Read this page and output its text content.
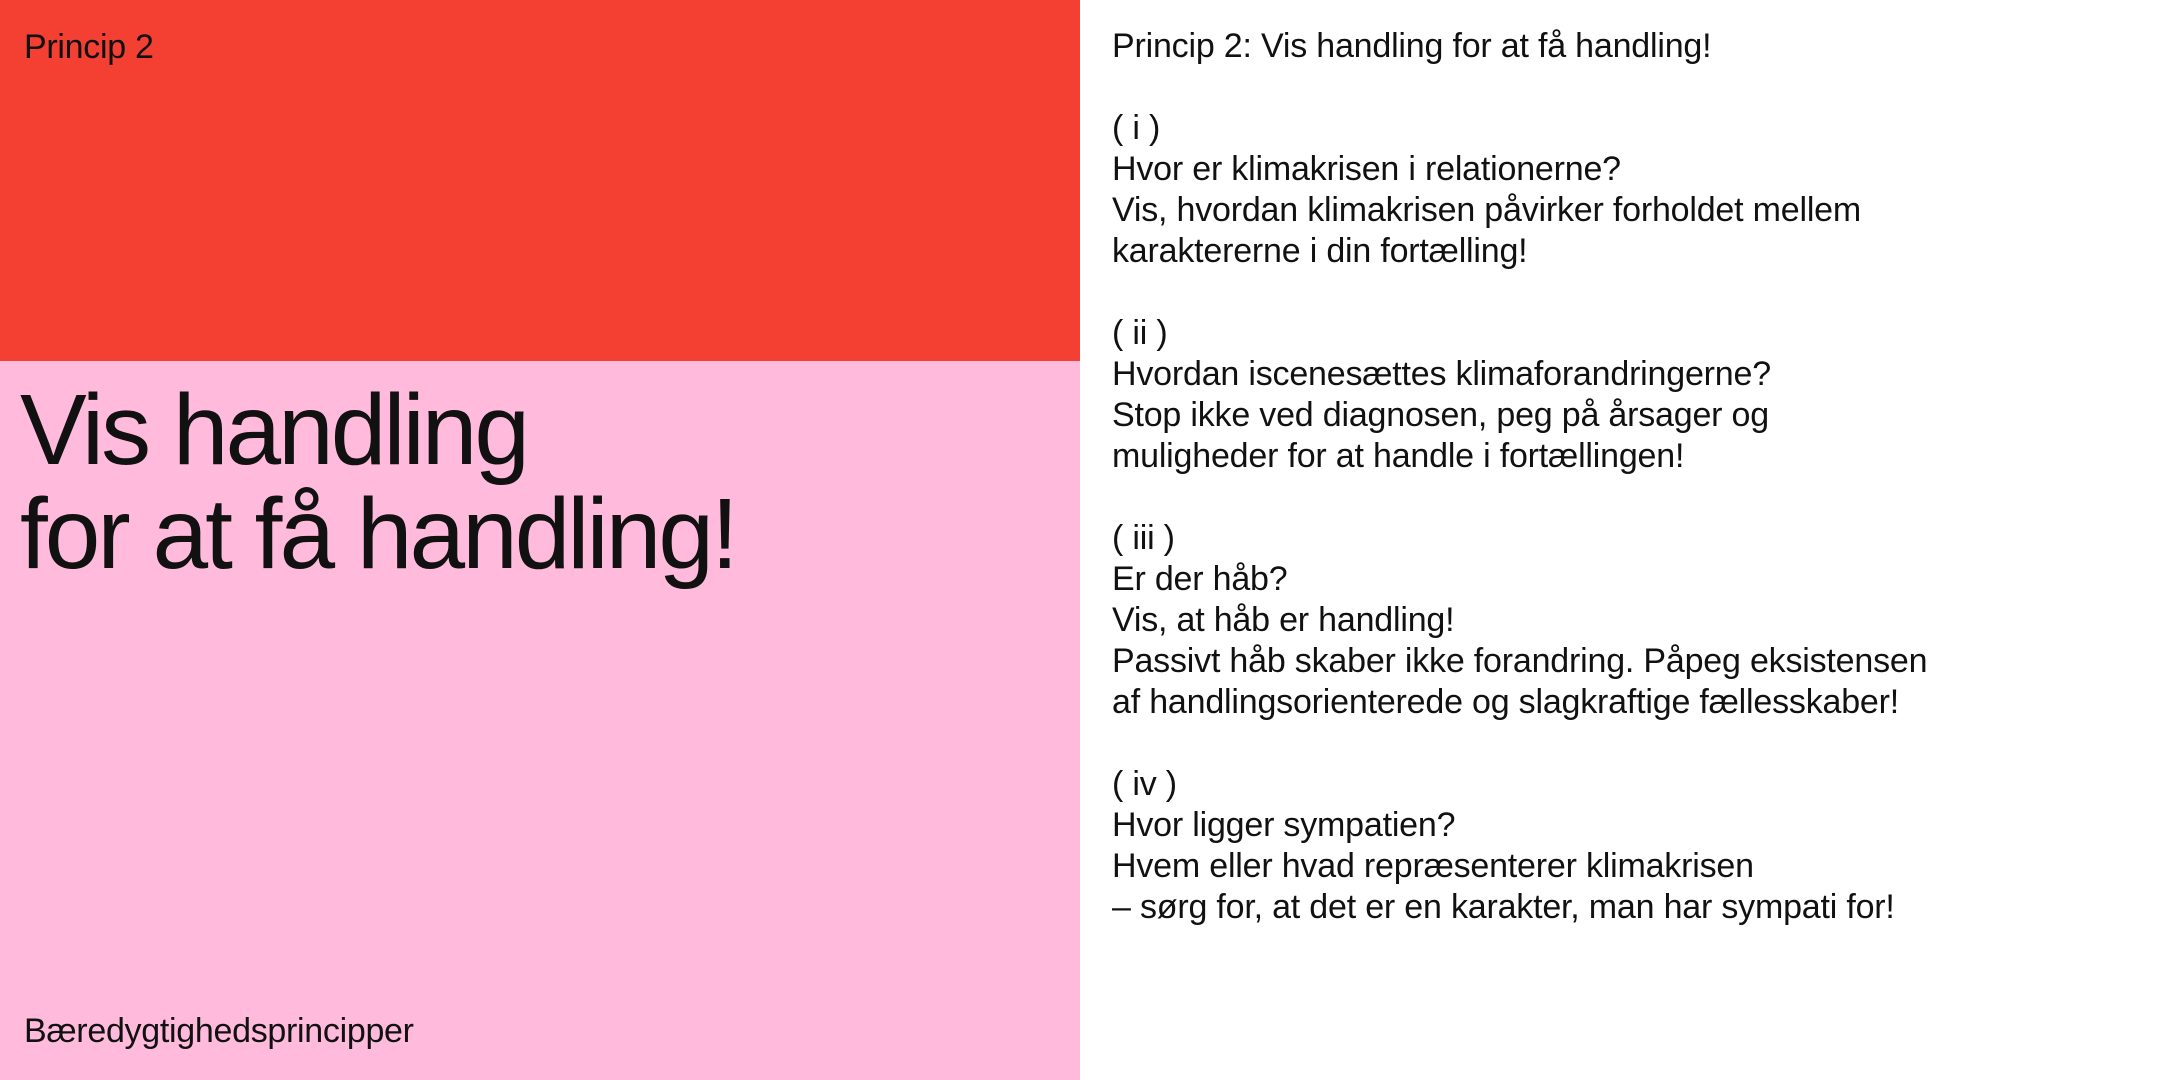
Princip 2
Vis handling
for at få handling!
Bæredygtighedsprincipper
Princip 2: Vis handling for at få handling!
( i )
Hvor er klimakrisen i relationerne?
Vis, hvordan klimakrisen påvirker forholdet mellem
karaktererne i din fortælling!
( ii )
Hvordan iscenesættes klimaforandringerne?
Stop ikke ved diagnosen, peg på årsager og
muligheder for at handle i fortællingen!
( iii )
Er der håb?
Vis, at håb er handling!
Passivt håb skaber ikke forandring. Påpeg eksistensen
af handlingsorienterede og slagkraftige fællesskaber!
( iv )
Hvor ligger sympatien?
Hvem eller hvad repræsenterer klimakrisen
– sørg for, at det er en karakter, man har sympati for!
